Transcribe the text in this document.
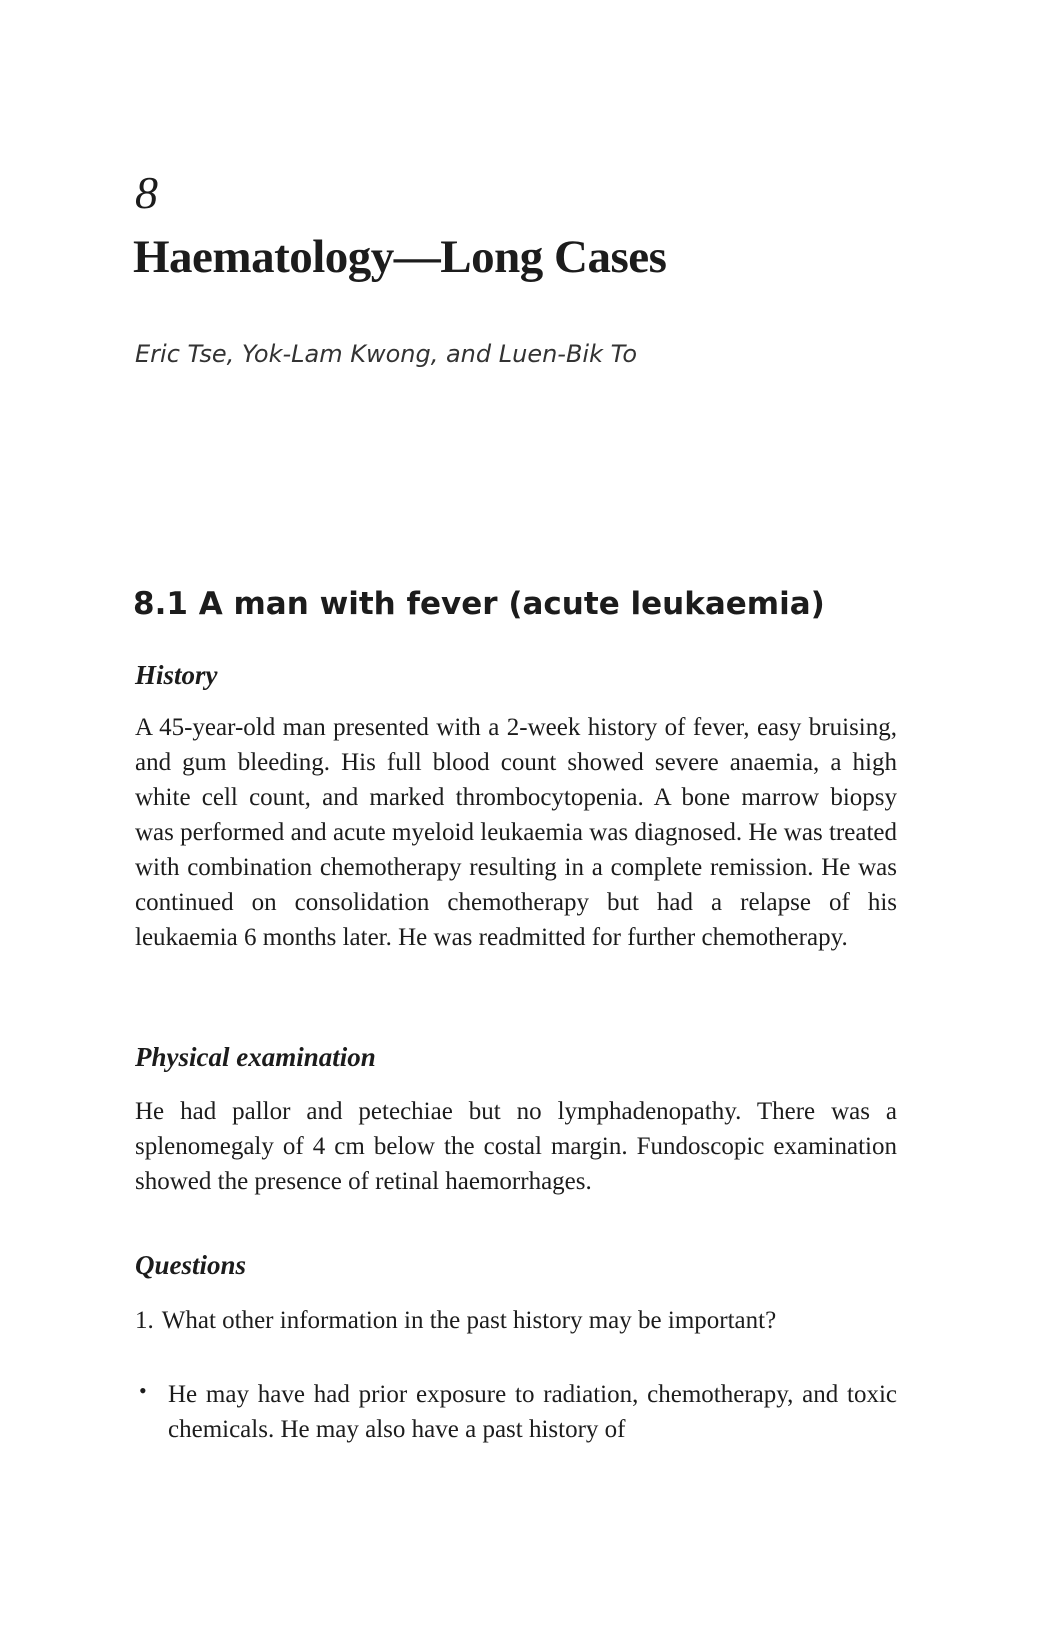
8
Haematology—Long Cases
Eric Tse, Yok-Lam Kwong, and Luen-Bik To
8.1 A man with fever (acute leukaemia)
History

A 45-year-old man presented with a 2-week history of fever, easy bruising, and gum bleeding. His full blood count showed severe anaemia, a high white cell count, and marked thrombocytopenia. A bone marrow biopsy was performed and acute myeloid leukaemia was diagnosed. He was treated with combination chemotherapy resulting in a complete remission. He was continued on consolidation chemotherapy but had a relapse of his leukaemia 6 months later. He was readmitted for further chemotherapy.

Physical examination

He had pallor and petechiae but no lymphadenopathy. There was a splenomegaly of 4 cm below the costal margin. Fundoscopic examination showed the presence of retinal haemorrhages.

Questions

1. What other information in the past history may be important?

• He may have had prior exposure to radiation, chemotherapy, and toxic chemicals. He may also have a past history of
